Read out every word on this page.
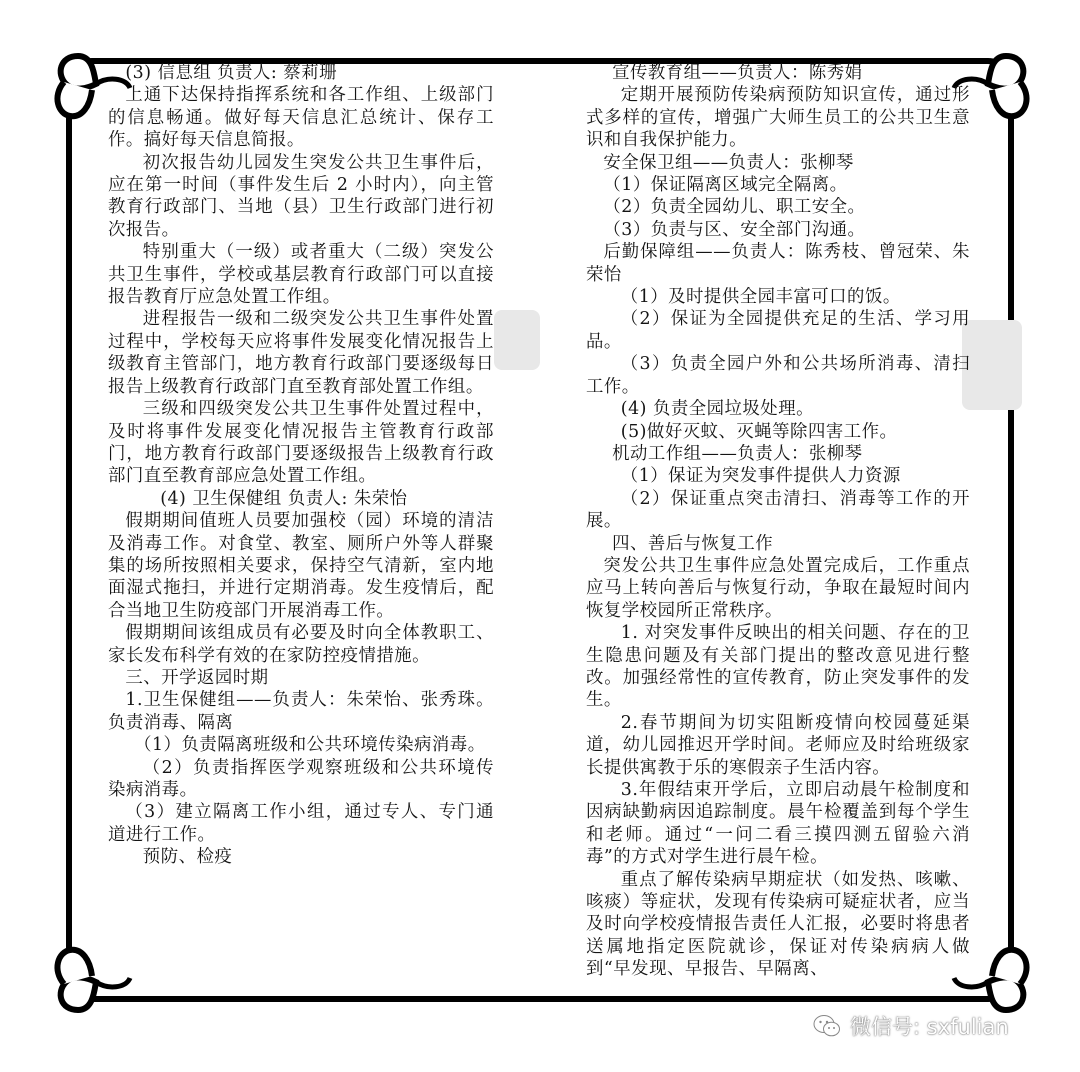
(3) 信息组 负责人: 蔡莉珊

上通下达保持指挥系统和各工作组、上级部门的信息畅通。做好每天信息汇总统计、保存工作。搞好每天信息简报。

初次报告幼儿园发生突发公共卫生事件后，应在第一时间（事件发生后 2 小时内），向主管教育行政部门、当地（县）卫生行政部门进行初次报告。

特别重大（一级）或者重大（二级）突发公共卫生事件，学校或基层教育行政部门可以直接报告教育厅应急处置工作组。

进程报告一级和二级突发公共卫生事件处置过程中，学校每天应将事件发展变化情况报告上级教育主管部门，地方教育行政部门要逐级每日报告上级教育行政部门直至教育部处置工作组。

三级和四级突发公共卫生事件处置过程中，及时将事件发展变化情况报告主管教育行政部门，地方教育行政部门要逐级报告上级教育行政部门直至教育部应急处置工作组。

(4) 卫生保健组 负责人: 朱荣怡

假期期间值班人员要加强校（园）环境的清洁及消毒工作。对食堂、教室、厕所户外等人群聚集的场所按照相关要求，保持空气清新，室内地面湿式拖扫，并进行定期消毒。发生疫情后，配合当地卫生防疫部门开展消毒工作。

假期期间该组成员有必要及时向全体教职工、家长发布科学有效的在家防控疫情措施。

三、开学返园时期

1.卫生保健组——负责人：朱荣怡、张秀珠。负责消毒、隔离

（1）负责隔离班级和公共环境传染病消毒。

（2）负责指挥医学观察班级和公共环境传染病消毒。

（3）建立隔离工作小组，通过专人、专门通道进行工作。

预防、检疫

宣传教育组——负责人：陈秀娟

定期开展预防传染病预防知识宣传，通过形式多样的宣传，增强广大师生员工的公共卫生意识和自我保护能力。

安全保卫组——负责人：张柳琴

（1）保证隔离区域完全隔离。

（2）负责全园幼儿、职工安全。

（3）负责与区、安全部门沟通。

后勤保障组——负责人：陈秀枝、曾冠荣、朱荣怡

（1）及时提供全园丰富可口的饭。

（2）保证为全园提供充足的生活、学习用品。

（3）负责全园户外和公共场所消毒、清扫工作。

(4) 负责全园垃圾处理。

(5)做好灭蚊、灭蝇等除四害工作。

机动工作组——负责人：张柳琴

（1）保证为突发事件提供人力资源

（2）保证重点突击清扫、消毒等工作的开展。

四、善后与恢复工作

突发公共卫生事件应急处置完成后，工作重点应马上转向善后与恢复行动，争取在最短时间内恢复学校园所正常秩序。

1. 对突发事件反映出的相关问题、存在的卫生隐患问题及有关部门提出的整改意见进行整改。加强经常性的宣传教育，防止突发事件的发生。

2.春节期间为切实阻断疫情向校园蔓延渠道，幼儿园推迟开学时间。老师应及时给班级家长提供寓教于乐的寒假亲子生活内容。

3.年假结束开学后，立即启动晨午检制度和因病缺勤病因追踪制度。晨午检覆盖到每个学生和老师。通过“一问二看三摸四测五留验六消毒”的方式对学生进行晨午检。

重点了解传染病早期症状（如发热、咳嗽、咳痰）等症状，发现有传染病可疑症状者，应当及时向学校疫情报告责任人汇报，必要时将患者送属地指定医院就诊，保证对传染病病人做到“早发现、早报告、早隔离、

微信号: sxfulian
